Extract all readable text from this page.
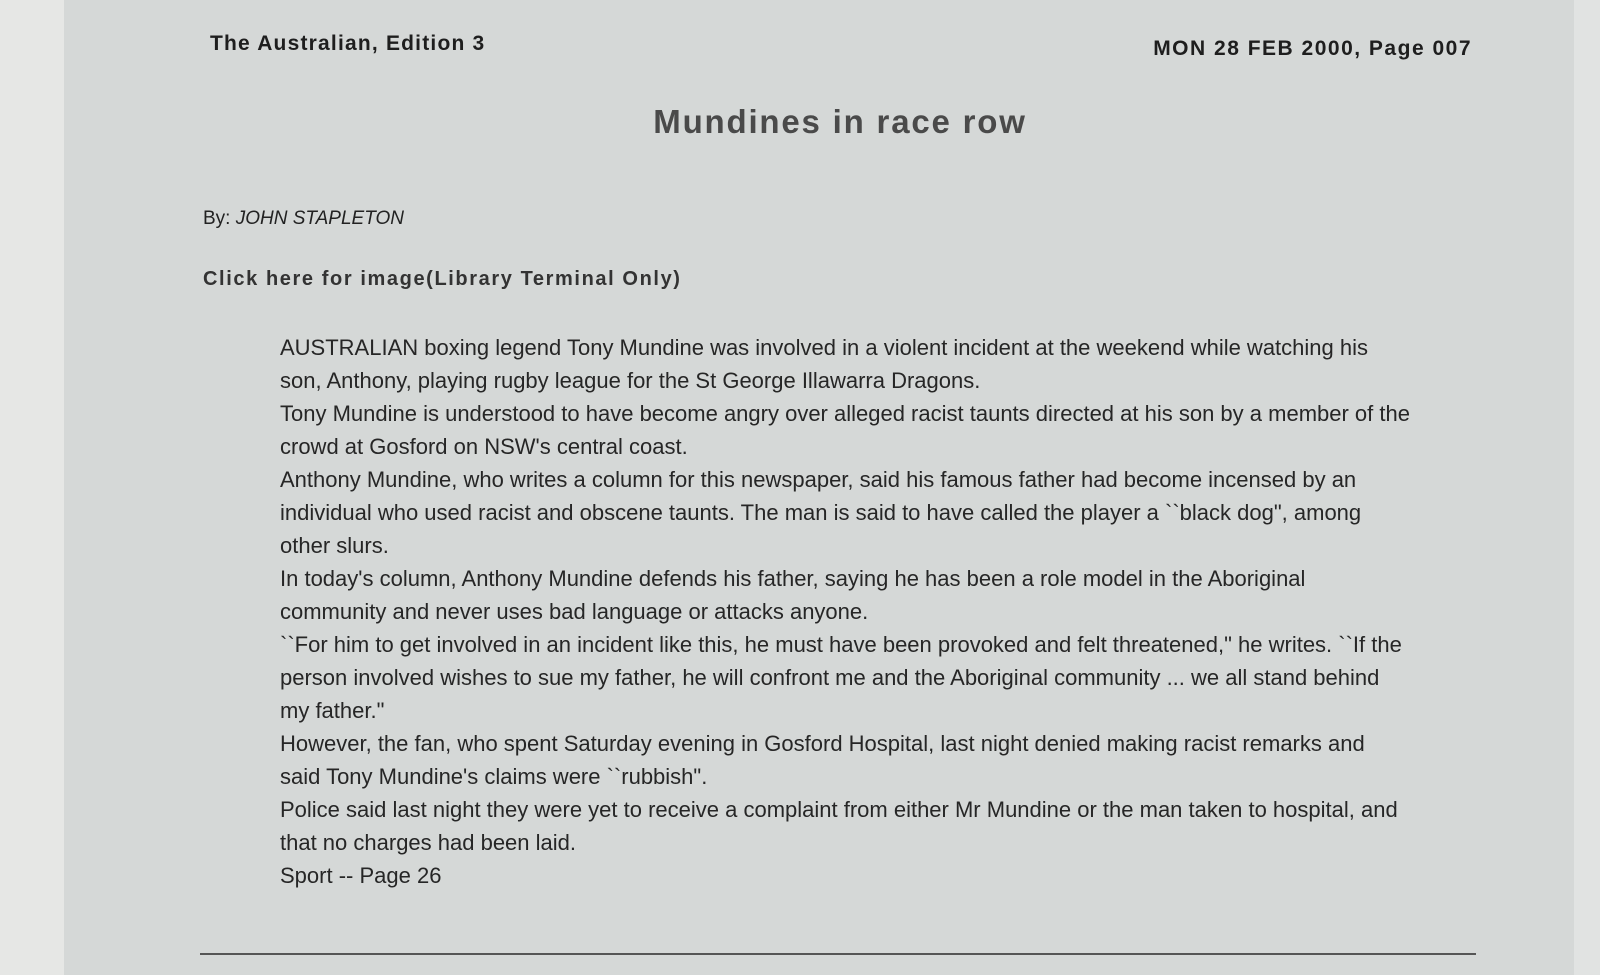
The Australian, Edition 3	MON 28 FEB 2000, Page 007
Mundines in race row
By: JOHN STAPLETON
Click here for image(Library Terminal Only)

AUSTRALIAN boxing legend Tony Mundine was involved in a violent incident at the weekend while watching his son, Anthony, playing rugby league for the St George Illawarra Dragons.

Tony Mundine is understood to have become angry over alleged racist taunts directed at his son by a member of the crowd at Gosford on NSW's central coast.

Anthony Mundine, who writes a column for this newspaper, said his famous father had become incensed by an individual who used racist and obscene taunts. The man is said to have called the player a ``black dog", among other slurs.

In today's column, Anthony Mundine defends his father, saying he has been a role model in the Aboriginal community and never uses bad language or attacks anyone.

``For him to get involved in an incident like this, he must have been provoked and felt threatened," he writes. ``If the person involved wishes to sue my father, he will confront me and the Aboriginal community ... we all stand behind my father."

However, the fan, who spent Saturday evening in Gosford Hospital, last night denied making racist remarks and said Tony Mundine's claims were ``rubbish".

Police said last night they were yet to receive a complaint from either Mr Mundine or the man taken to hospital, and that no charges had been laid.

Sport -- Page 26
